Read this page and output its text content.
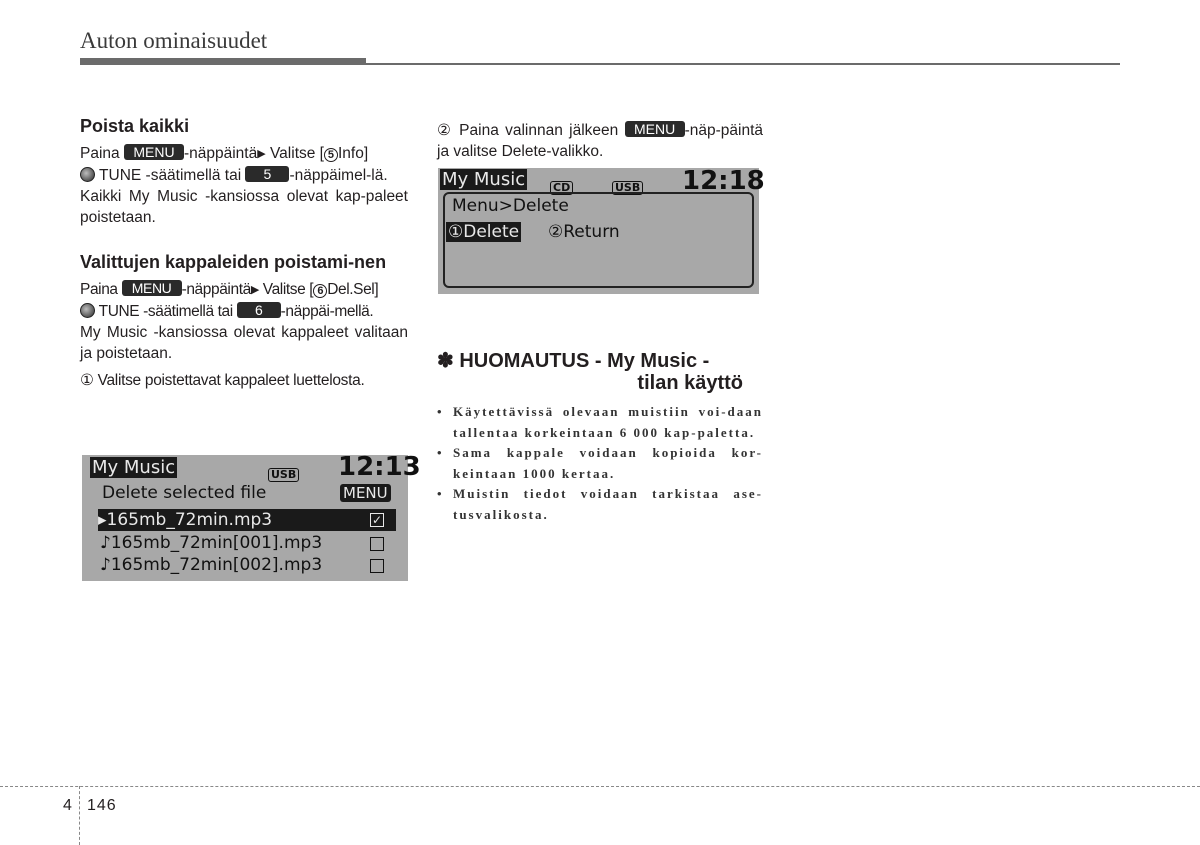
Auton ominaisuudet
Poista kaikki

Paina MENU -näppäintä▶ Valitse [ 5 Info]
TUNE -säätimellä tai 5 -näppäimel-lä.

Kaikki My Music -kansiossa olevat kap-paleet poistetaan.

Valittujen kappaleiden poistami-nen

Paina MENU -näppäintä▶ Valitse [ 6 Del.Sel]
TUNE -säätimellä tai 6 -näppäi-mellä.

My Music -kansiossa olevat kappaleet valitaan ja poistetaan.

① Valitse poistettavat kappaleet luettelosta.

My Music	USB 12:13
Delete selected file	MENU
▸165mb_72min.mp3	✓
♪165mb_72min[001].mp3
♪165mb_72min[002].mp3

② Paina valinnan jälkeen MENU -näp-päintä ja valitse Delete-valikko.

My Music	CD	USB 12:18
Menu>Delete
①Delete ②Return
✽ HUOMAUTUS - My Music -
tilan käyttö
• Käytettävissä olevaan muistiin voi-daan tallentaa korkeintaan 6 000 kap-paletta.
• Sama kappale voidaan kopioida kor-keintaan 1000 kertaa.
• Muistin tiedot voidaan tarkistaa ase-tusvalikosta.
4 146
